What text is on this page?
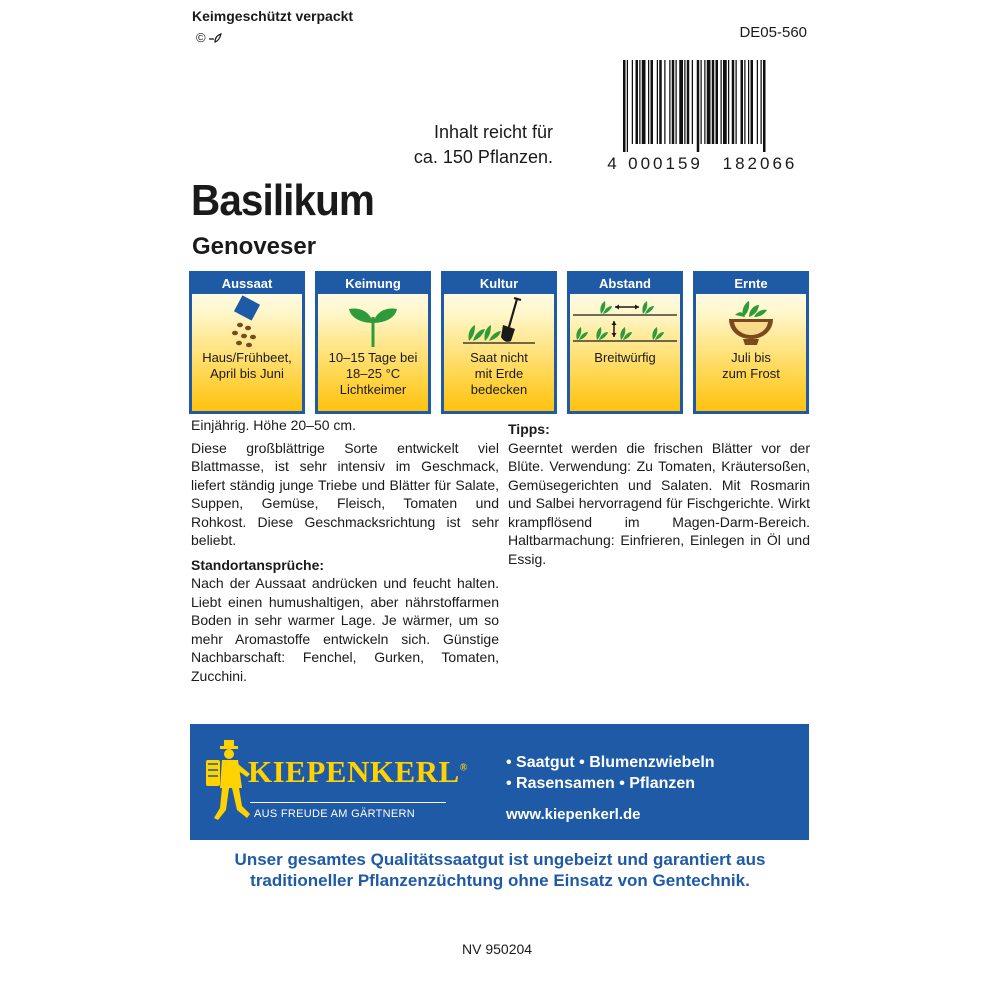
Keimgeschützt verpackt
©	DE05-560
4 000159	182066
Inhalt reicht für
ca. 150 Pflanzen.
Basilikum
Genoveser
Aussaat
Haus/Frühbeet,
April bis Juni
Keimung
10–15 Tage bei
18–25 °C
Lichtkeimer
Kultur
Saat nicht
mit Erde
bedecken
Abstand
Breitwürfig
Ernte
Juli bis
zum Frost
Einjährig. Höhe 20–50 cm.
Diese großblättrige Sorte entwickelt viel Blattmasse, ist sehr intensiv im Geschmack, liefert ständig junge Triebe und Blätter für Salate, Suppen, Gemüse, Fleisch, Tomaten und Rohkost. Diese Geschmacksrichtung ist sehr beliebt.
Standortansprüche:
Nach der Aussaat andrücken und feucht halten. Liebt einen humushaltigen, aber nährstoffarmen Boden in sehr warmer Lage. Je wärmer, um so mehr Aromastoffe entwickeln sich. Günstige Nachbarschaft: Fenchel, Gurken, Tomaten, Zucchini.
Tipps:
Geerntet werden die frischen Blätter vor der Blüte. Verwendung: Zu Tomaten, Kräutersoßen, Gemüsegerichten und Salaten. Mit Rosmarin und Salbei hervorragend für Fischgerichte. Wirkt krampflösend im Magen-Darm-Bereich. Haltbarmachung: Einfrieren, Einlegen in Öl und Essig.
KIEPENKERL®
AUS FREUDE AM GÄRTNERN
• Saatgut • Blumenzwiebeln
• Rasensamen • Pflanzen
www.kiepenkerl.de
Unser gesamtes Qualitätssaatgut ist ungebeizt und garantiert aus
traditioneller Pflanzenzüchtung ohne Einsatz von Gentechnik.
NV 950204
